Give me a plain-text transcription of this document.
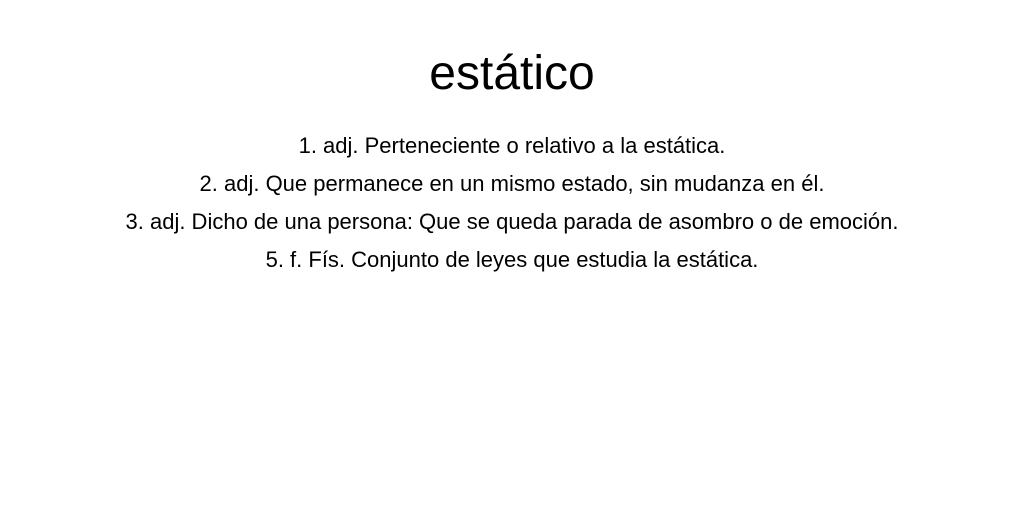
estático
1. adj. Perteneciente o relativo a la estática.
2. adj. Que permanece en un mismo estado, sin mudanza en él.
3. adj. Dicho de una persona: Que se queda parada de asombro o de emoción.
5. f. Fís. Conjunto de leyes que estudia la estática.
